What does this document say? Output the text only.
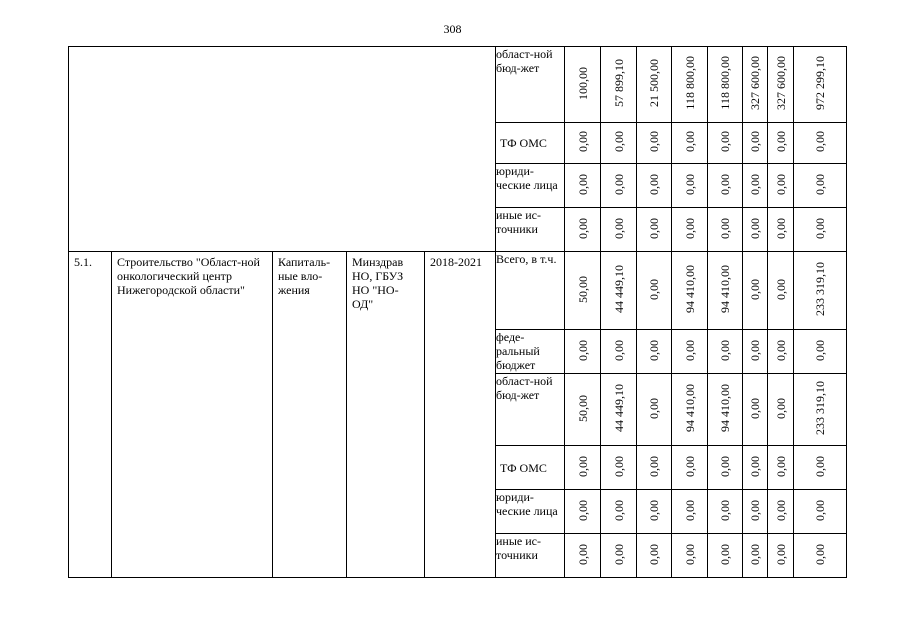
308
					област-ной бюд-жет	100,00	57 899,10	21 500,00	118 800,00	118 800,00	327 600,00	327 600,00	972 299,10
					ТФ ОМС	0,00	0,00	0,00	0,00	0,00	0,00	0,00	0,00
					юриди-ческие лица	0,00	0,00	0,00	0,00	0,00	0,00	0,00	0,00
					иные ис-точники	0,00	0,00	0,00	0,00	0,00	0,00	0,00	0,00

5.1.	Строительство "Област-ной онкологический центр Нижегородской области"	Капиталь-ные вло-жения	Минздрав НО, ГБУЗ НО "НО-ОД"	2018-2021	Всего, в т.ч.	50,00	44 449,10	0,00	94 410,00	94 410,00	0,00	0,00	233 319,10
					феде-ральный бюджет	0,00	0,00	0,00	0,00	0,00	0,00	0,00	0,00
					област-ной бюд-жет	50,00	44 449,10	0,00	94 410,00	94 410,00	0,00	0,00	233 319,10
					ТФ ОМС	0,00	0,00	0,00	0,00	0,00	0,00	0,00	0,00
					юриди-ческие лица	0,00	0,00	0,00	0,00	0,00	0,00	0,00	0,00
					иные ис-точники	0,00	0,00	0,00	0,00	0,00	0,00	0,00	0,00
